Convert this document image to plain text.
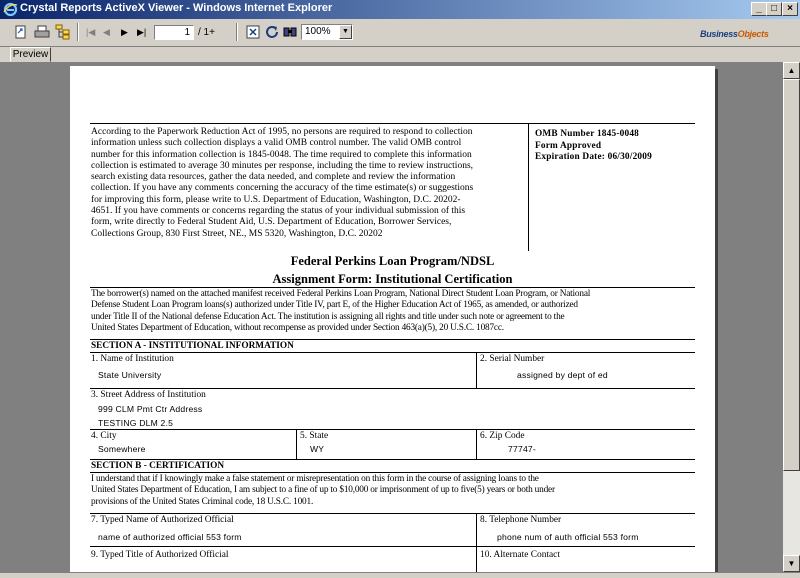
Crystal Reports ActiveX Viewer - Windows Internet Explorer	_ □	×
|◀ ◀ ▶ ▶|	1 / 1+	100%	▼	BusinessObjects
Preview
According to the Paperwork Reduction Act of 1995, no persons are required to respond to collection
information unless such collection displays a valid OMB control number. The valid OMB control
number for this information collection is 1845-0048. The time required to complete this information
collection is estimated to average 30 minutes per response, including the time to review instructions,
search existing data resources, gather the data needed, and complete and review the information
collection. If you have any comments concerning the accuracy of the time estimate(s) or suggestions
for improving this form, please write to U.S. Department of Education, Washington, D.C. 20202-
4651. If you have comments or concerns regarding the status of your individual submission of this
form, write directly to Federal Student Aid, U.S. Department of Education, Borrower Services,
Collections Group, 830 First Street, NE., MS 5320, Washington, D.C. 20202
OMB Number 1845-0048
Form Approved
Expiration Date: 06/30/2009
Federal Perkins Loan Program/NDSL
Assignment Form: Institutional Certification
The borrower(s) named on the attached manifest received Federal Perkins Loan Program, National Direct Student Loan Program, or National
Defense Student Loan Program loans(s) authorized under Title IV, part E, of the Higher Education Act of 1965, as amended, or authorized
under Title II of the National defense Education Act. The institution is assigning all rights and title under such note or agreement to the
United States Department of Education, without recompense as provided under Section 463(a)(5), 20 U.S.C. 1087cc.
SECTION A - INSTITUTIONAL INFORMATION
1. Name of Institution
State University
2. Serial Number
assigned by dept of ed
3. Street Address of Institution
999 CLM Pmt Ctr Address
TESTING DLM 2.5
4. City
Somewhere
5. State
WY
6. Zip Code
77747-
SECTION B - CERTIFICATION
I understand that if I knowingly make a false statement or misrepresentation on this form in the course of assigning loans to the
United States Department of Education, I am subject to a fine of up to $10,000 or imprisonment of up to five(5) years or both under
provisions of the United States Criminal code, 18 U.S.C. 1001.
7. Typed Name of Authorized Official
name of authorized official 553 form
8. Telephone Number
phone num of auth official 553 form
9. Typed Title of Authorized Official	10. Alternate Contact
▲
▼
